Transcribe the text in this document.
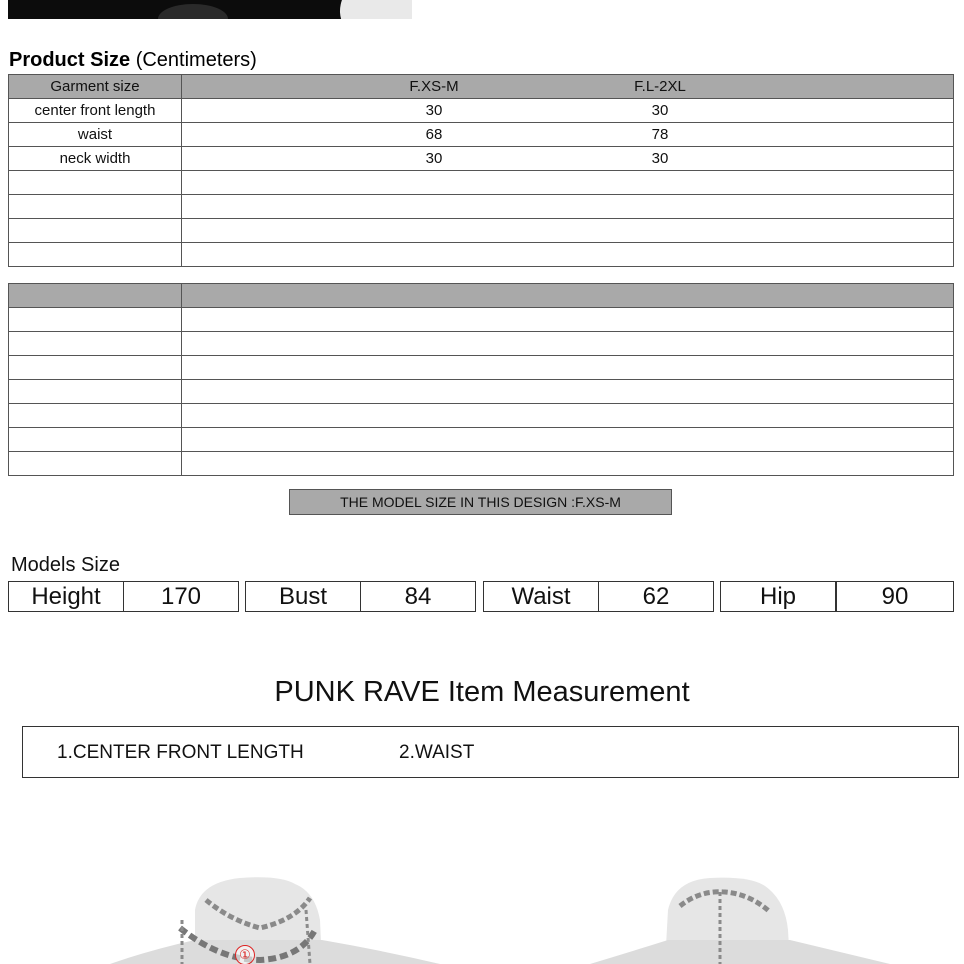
Product Size (Centimeters)
Garment size	F.XS-M F.L-2XL

center front length	30 30

waist	68 78

neck width	30 30

THE MODEL SIZE IN THIS DESIGN :F.XS-M
Models Size
Height	170	Bust	84	Waist	62	Hip	90
PUNK RAVE Item Measurement
1.CENTER FRONT LENGTH	2.WAIST
①
